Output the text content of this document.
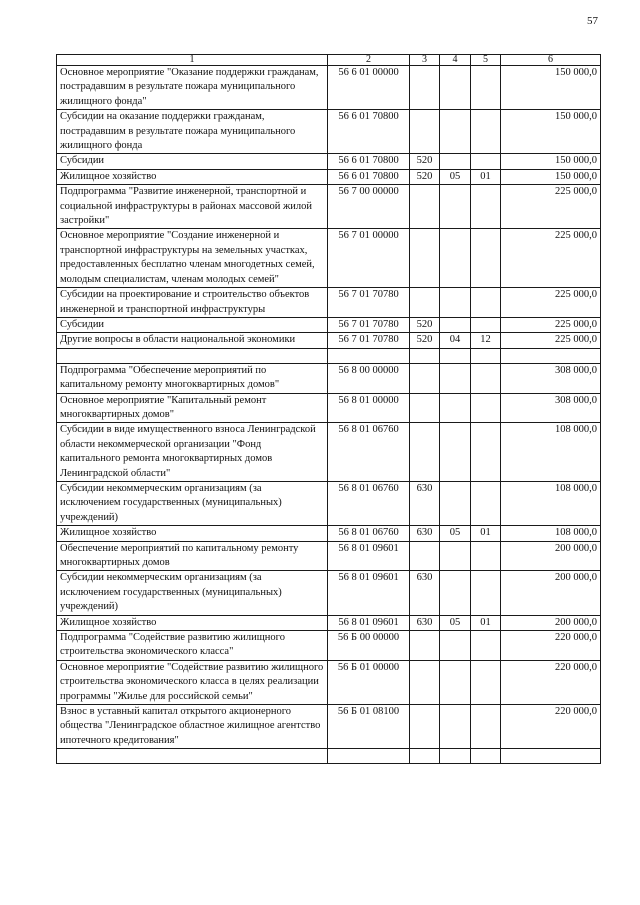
57
1	2	3	4	5	6
Основное мероприятие "Оказание поддержки гражданам, пострадавшим в результате пожара муниципального жилищного фонда"	56 6 01 00000				150 000,0
Субсидии на оказание поддержки гражданам, пострадавшим в результате пожара муниципального жилищного фонда	56 6 01 70800				150 000,0
Субсидии	56 6 01 70800	520			150 000,0
Жилищное хозяйство	56 6 01 70800	520	05	01	150 000,0
Подпрограмма "Развитие инженерной, транспортной и социальной инфраструктуры в районах массовой жилой застройки"	56 7 00 00000				225 000,0
Основное мероприятие "Создание инженерной и транспортной инфраструктуры на земельных участках, предоставленных бесплатно членам многодетных семей, молодым специалистам, членам молодых семей"	56 7 01 00000				225 000,0
Субсидии на проектирование и строительство объектов инженерной и транспортной инфраструктуры	56 7 01 70780				225 000,0
Субсидии	56 7 01 70780	520			225 000,0
Другие вопросы в области национальной экономики	56 7 01 70780	520	04	12	225 000,0

Подпрограмма "Обеспечение мероприятий по капитальному ремонту многоквартирных домов"	56 8 00 00000				308 000,0
Основное мероприятие "Капитальный ремонт многоквартирных домов"	56 8 01 00000				308 000,0
Субсидии в виде имущественного взноса Ленинградской области некоммерческой организации "Фонд капитального ремонта многоквартирных домов Ленинградской области"	56 8 01 06760				108 000,0
Субсидии некоммерческим организациям (за исключением государственных (муниципальных) учреждений)	56 8 01 06760	630			108 000,0
Жилищное хозяйство	56 8 01 06760	630	05	01	108 000,0
Обеспечение мероприятий по капитальному ремонту многоквартирных домов	56 8 01 09601				200 000,0
Субсидии некоммерческим организациям (за исключением государственных (муниципальных) учреждений)	56 8 01 09601	630			200 000,0
Жилищное хозяйство	56 8 01 09601	630	05	01	200 000,0
Подпрограмма "Содействие развитию жилищного строительства экономического класса"	56 Б 00 00000				220 000,0
Основное мероприятие "Содействие развитию жилищного строительства экономического класса в целях реализации программы "Жилье для российской семьи"	56 Б 01 00000				220 000,0
Взнос в уставный капитал открытого акционерного общества "Ленинградское областное жилищное агентство ипотечного кредитования"	56 Б 01 08100				220 000,0
